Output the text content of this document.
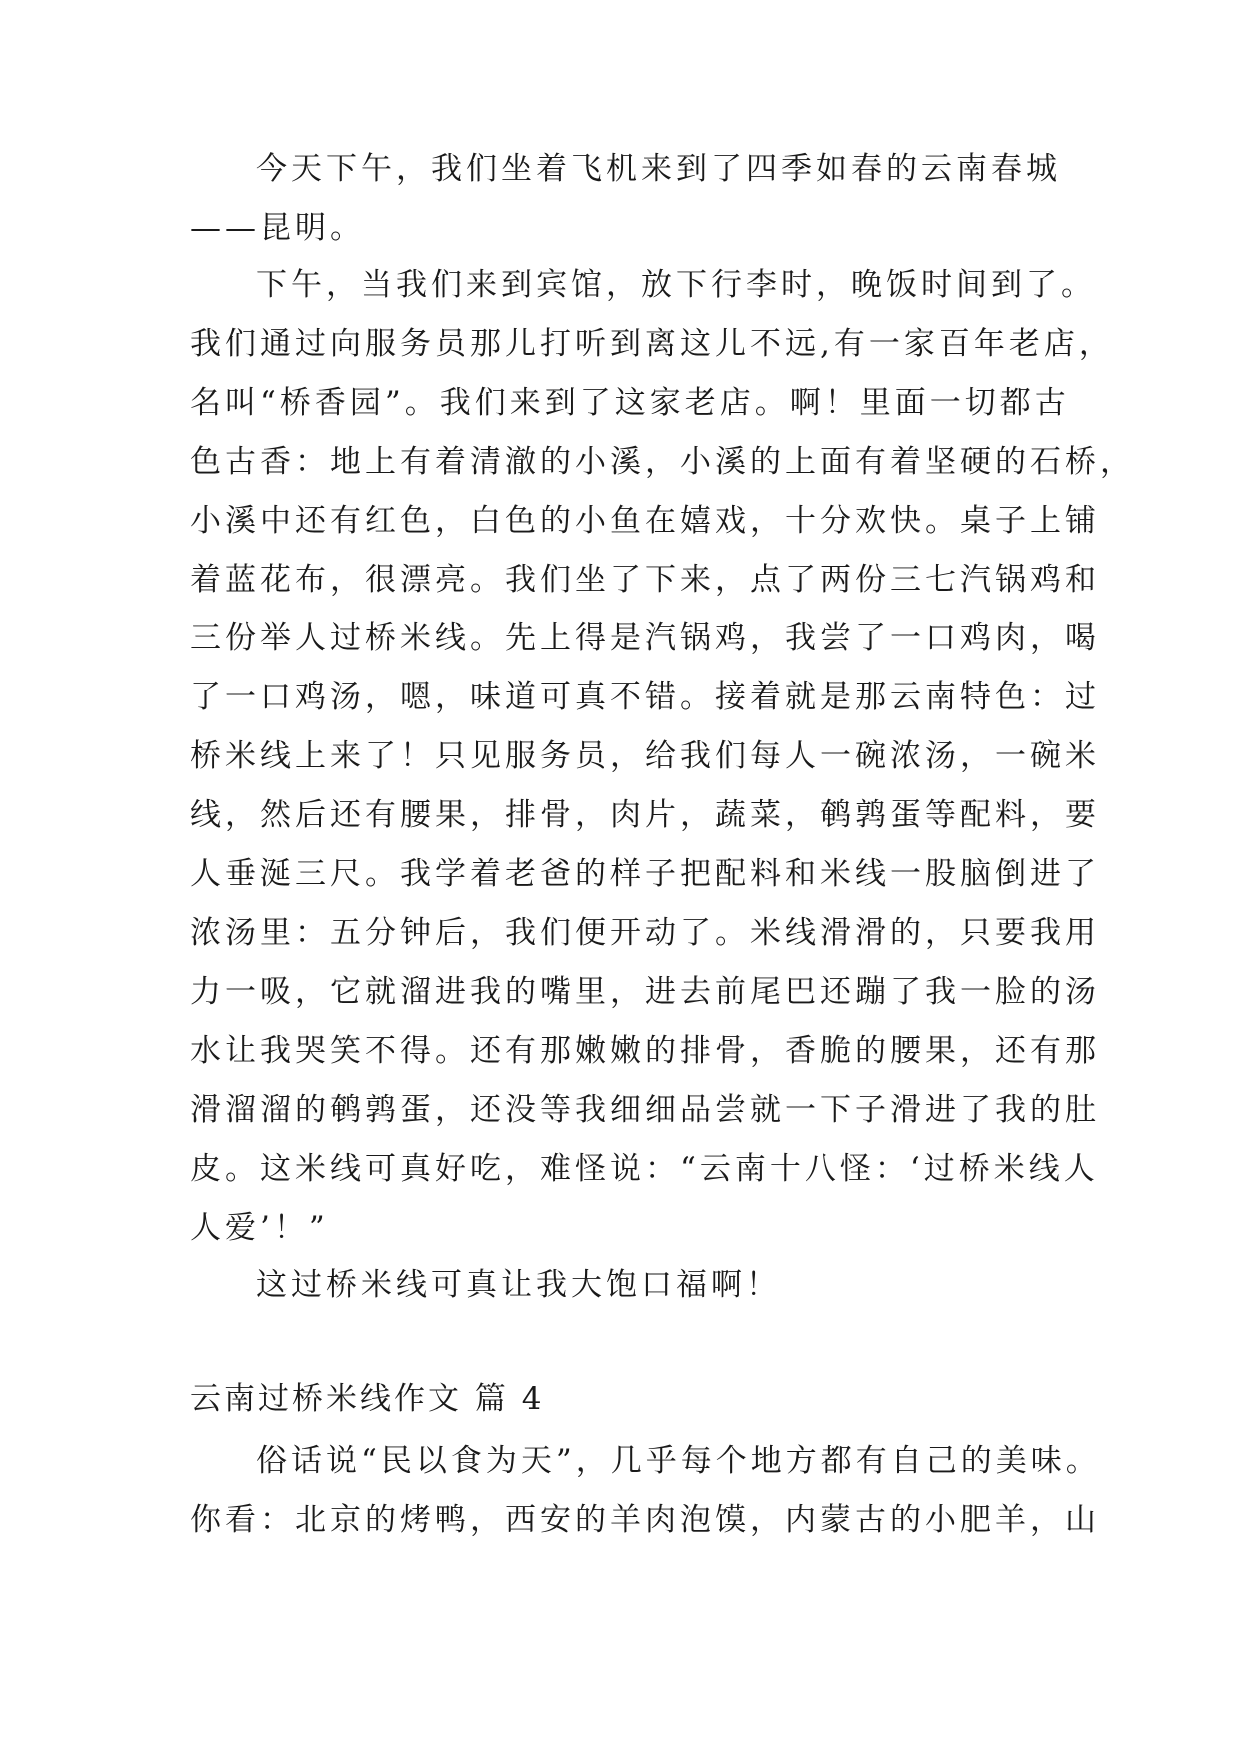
今天下午，我们坐着飞机来到了四季如春的云南春城
——昆明。

下午，当我们来到宾馆，放下行李时，晚饭时间到了。
我们通过向服务员那儿打听到离这儿不远,有一家百年老店，
名叫“桥香园”。我们来到了这家老店。啊！里面一切都古
色古香：地上有着清澈的小溪，小溪的上面有着坚硬的石桥，
小溪中还有红色，白色的小鱼在嬉戏，十分欢快。桌子上铺
着蓝花布，很漂亮。我们坐了下来，点了两份三七汽锅鸡和
三份举人过桥米线。先上得是汽锅鸡，我尝了一口鸡肉，喝
了一口鸡汤，嗯，味道可真不错。接着就是那云南特色：过
桥米线上来了！只见服务员，给我们每人一碗浓汤，一碗米
线，然后还有腰果，排骨，肉片，蔬菜，鹌鹑蛋等配料，要
人垂涎三尺。我学着老爸的样子把配料和米线一股脑倒进了
浓汤里：五分钟后，我们便开动了。米线滑滑的，只要我用
力一吸，它就溜进我的嘴里，进去前尾巴还蹦了我一脸的汤
水让我哭笑不得。还有那嫩嫩的排骨，香脆的腰果，还有那
滑溜溜的鹌鹑蛋，还没等我细细品尝就一下子滑进了我的肚
皮。这米线可真好吃，难怪说：“云南十八怪：‘过桥米线人
人爱’！”

这过桥米线可真让我大饱口福啊！

云南过桥米线作文 篇 4

俗话说“民以食为天”，几乎每个地方都有自己的美味。
你看：北京的烤鸭，西安的羊肉泡馍，内蒙古的小肥羊，山
